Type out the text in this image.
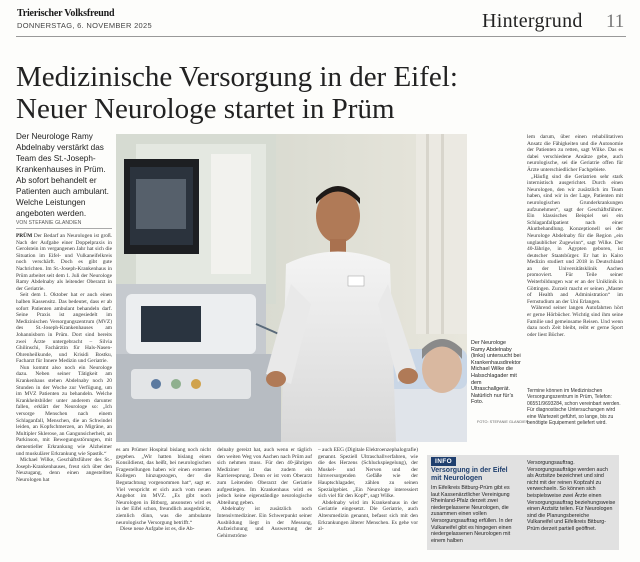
Trierischer Volksfreund
DONNERSTAG, 6. NOVEMBER 2025	Hintergrund 11
Medizinische Versorgung in der Eifel:
Neuer Neurologe startet in Prüm
Der Neurologe Ramy Abdelnaby verstärkt das Team des St.-Joseph-Krankenhauses in Prüm. Ab sofort behandelt er Patienten auch ambulant. Welche Leistungen angeboten werden.
VON STEFANIE GLANDIEN

PRÜM Der Bedarf an Neurologen ist groß. Nach der Aufgabe einer Doppelpraxis in Gerolstein im vergangenen Jahr hat sich die Situation im Eifel- und Vulkaneifelkreis noch verschärft. Doch es gibt gute Nachrichten. Im St.-Joseph-Krankenhaus in Prüm arbeitet seit dem 1. Juli der Neurologe Ramy Abdelnaby als leitender Oberarzt in der Geriatrie.

Seit dem 1. Oktober hat er auch einen halben Kassensitz. Das bedeutet, dass er ab sofort Patienten ambulant behandeln darf. Seine Praxis ist angesiedelt im Medizinischen Versorgungszentrum (MVZ) des St.-Joseph-Krankenhauses am Johannisborn in Prüm. Dort sind bereits zwei Ärzte untergebracht – Silvia Ghilinschi, Fachärztin für Hals-Nasen-Ohrenheilkunde, und Krisidi Bostku, Facharzt für Innere Medizin und Geriatrie.

Nun kommt also noch ein Neurologe dazu. Neben seiner Tätigkeit am Krankenhaus stehen Abdelnaby noch 20 Stunden in der Woche zur Verfügung, um im MVZ Patienten zu behandeln. Welche Krankheitsbilder unter anderem darunter fallen, erklärt der Neurologe so: „Ich versorge Menschen nach einem Schlaganfall, Menschen, die an Schwindel leiden, an Kopfschmerzen, an Migräne, an Multipler Sklerose, an Gangunsicherheit, an Parkinson, mit Bewegungsstörungen, mit dementieller Erkrankung wie Alzheimer und muskulärer Erkrankung wie Spastik.“

Michael Wilke, Geschäftsführer des St.-Joseph-Krankenhauses, freut sich über den Neuzugang, denn einen angestellten Neurologen hat

Der Neurologe Ramy Abdelnaby (links) untersucht bei Krankenhausdirektor Michael Wilke die Halsschlagader mit dem Ultraschallgerät. Natürlich nur für’s Foto.
FOTO: STEFANIE GLANDIEN

es am Prümer Hospital bislang noch nicht gegeben. „Wir hatten bislang einen Konsildienst, das heißt, bei neurologischen Fragestellungen haben wir einen externen Kollegen hinzugezogen, der die Begutachtung vorgenommen hat“, sagt er. Viel verspricht er sich auch vom neuen Angebot im MVZ. „Es gibt noch Neurologen in Bitburg, ansonsten wird es in der Eifel schon, freundlich ausgedrückt, ziemlich dünn, was die ambulante neurologische Versorgung betrifft.“

Diese neue Aufgabe ist es, die Ab-

delnaby gereizt hat, auch wenn er täglich den weiten Weg von Aachen nach Prüm auf sich nehmen muss. Für den 40-jährigen Mediziner ist das zudem ein Karrieresprung. Denn er ist vom Oberarzt zum Leitenden Oberarzt der Geriatrie aufgestiegen. Im Krankenhaus wird es jedoch keine eigenständige neurologische Abteilung geben.

Abdelnaby ist zusätzlich noch Intensivmediziner. Ein Schwerpunkt seiner Ausbildung liegt in der Messung, Aufzeichnung und Auswertung der Gehirnströme

– auch EEG (Digitale Elektroenzephalografie) genannt. Speziell Ultraschallverfahren, wie die des Herzens (Schluckspiegelung), der Muskel- und Nerven und der hirnversorgenden Gefäße wie der Hauptschlagader, zählen zu seinen Spezialgebiet. „Ein Neurologe interessiert sich viel für den Kopf“, sagt Wilke.

Abdelnaby wird im Krankenhaus in der Geriatrie eingesetzt. Die Geriatrie, auch Altersmedizin genannt, befasst sich mit den Erkrankungen älterer Menschen. Es gehe vor al-

lem darum, über einen rehabilitativen Ansatz die Fähigkeiten und die Autonomie der Patienten zu retten, sagt Wilke. Das es dabei verschiedene Ansätze gebe, auch neurologische, sei die Geriatrie offen für Ärzte unterschiedlicher Fachgebiete.

„Häufig sind die Geriatrien sehr stark internistisch ausgerichtet. Durch einen Neurologen, den wir zusätzlich im Team haben, sind wir in der Lage, Patienten mit neurologischen Grunderkrankungen aufzunehmen“, sagt der Geschäftsführer. Ein klassisches Beispiel sei ein Schlaganfallpatient nach einer Akutbehandlung. Konzeptionell sei der Neurologe Abdelnaby für die Region „ein unglaublicher Zugewinn“, sagt Wilke. Der 40-Jährige, in Ägypten geboren, ist deutscher Staatsbürger. Er hat in Kairo Medizin studiert und 2018 in Deutschland an der Universitätsklinik Aachen promoviert. Für Teile seiner Weiterbildungen war er an der Uniklinik in Göttingen. Zurzeit macht er seinen „Master of Health and Administration“ im Fernstudium an der Uni Erlangen.

Während seiner langen Autofahrten hört er gerne Hörbücher. Wichtig sind ihm seine Familie und gemeinsame Reisen. Und wenn dazu noch Zeit bleibt, reibt er gerne Sport oder liest Bücher.

Termine können im Medizinischen Versorgungszentrum in Prüm, Telefon: 06551/9693284, schon vereinbart werden. Für diagnostische Untersuchungen wird eine Wartezeit geführt, so lange, bis zu benötigte Equipement geliefert wird.
INFO
Versorgung in der Eifel mit Neurologen
Im Eifelkreis Bitburg-Prüm gibt es laut Kassenärztlicher Vereinigung Rheinland-Pfalz derzeit zwei niedergelassene Neurologen, die zusammen einen vollen Versorgungsauftrag erfüllen. In der Vulkaneifel gibt es hingegen einen niedergelassenen Neurologen mit einem halben
Versorgungsauftrag. Versorgungsaufträge werden auch als Arztsitze bezeichnet und sind nicht mit der reinen Kopfzahl zu verwechseln. So können sich beispielsweise zwei Ärzte einen Versorgungsauftrag beziehungsweise einen Arztsitz teilen. Für Neurologen sind die Planungsbereiche Vulkaneifel und Eifelkreis Bitburg-Prüm derzeit partiell geöffnet.
